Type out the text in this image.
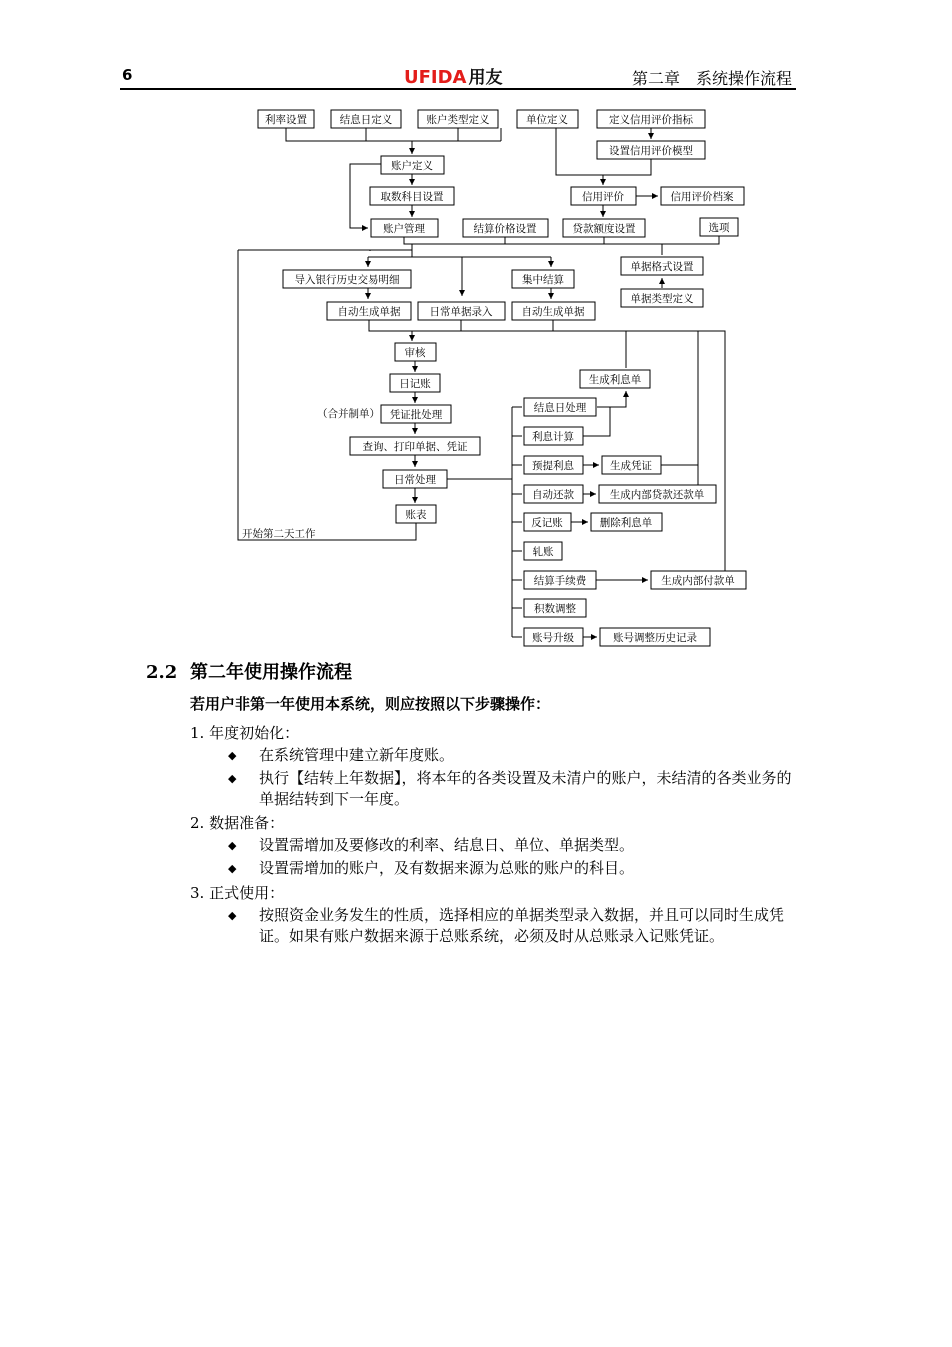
6	UFIDA 用友	第二章　系统操作流程
利率设置	结息日定义	账户类型定义	单位定义	定义信用评价指标
设置信用评价模型
账户定义
取数科目设置	信用评价	信用评价档案
账户管理	结算价格设置	贷款额度设置	选项
导入银行历史交易明细	集中结算
单据格式设置
单据类型定义
自动生成单据	日常单据录入	自动生成单据
审核
日记账
（合并制单） 凭证批处理
查询、打印单据、凭证
日常处理
账表
开始第二天工作
生成利息单
结息日处理
利息计算
预提利息	生成凭证
自动还款	生成内部贷款还款单
反记账	删除利息单
轧账
结算手续费	生成内部付款单
积数调整
账号升级	账号调整历史记录
2.2 第二年使用操作流程
若用户非第一年使用本系统，则应按照以下步骤操作：
1. 年度初始化：
◆ 在系统管理中建立新年度账。
◆ 执行【结转上年数据】，将本年的各类设置及未清户的账户，未结清的各类业务的单据结转到下一年度。
2. 数据准备：
◆ 设置需增加及要修改的利率、结息日、单位、单据类型。
◆ 设置需增加的账户，及有数据来源为总账的账户的科目。
3. 正式使用：
◆ 按照资金业务发生的性质，选择相应的单据类型录入数据，并且可以同时生成凭证。如果有账户数据来源于总账系统，必须及时从总账录入记账凭证。
